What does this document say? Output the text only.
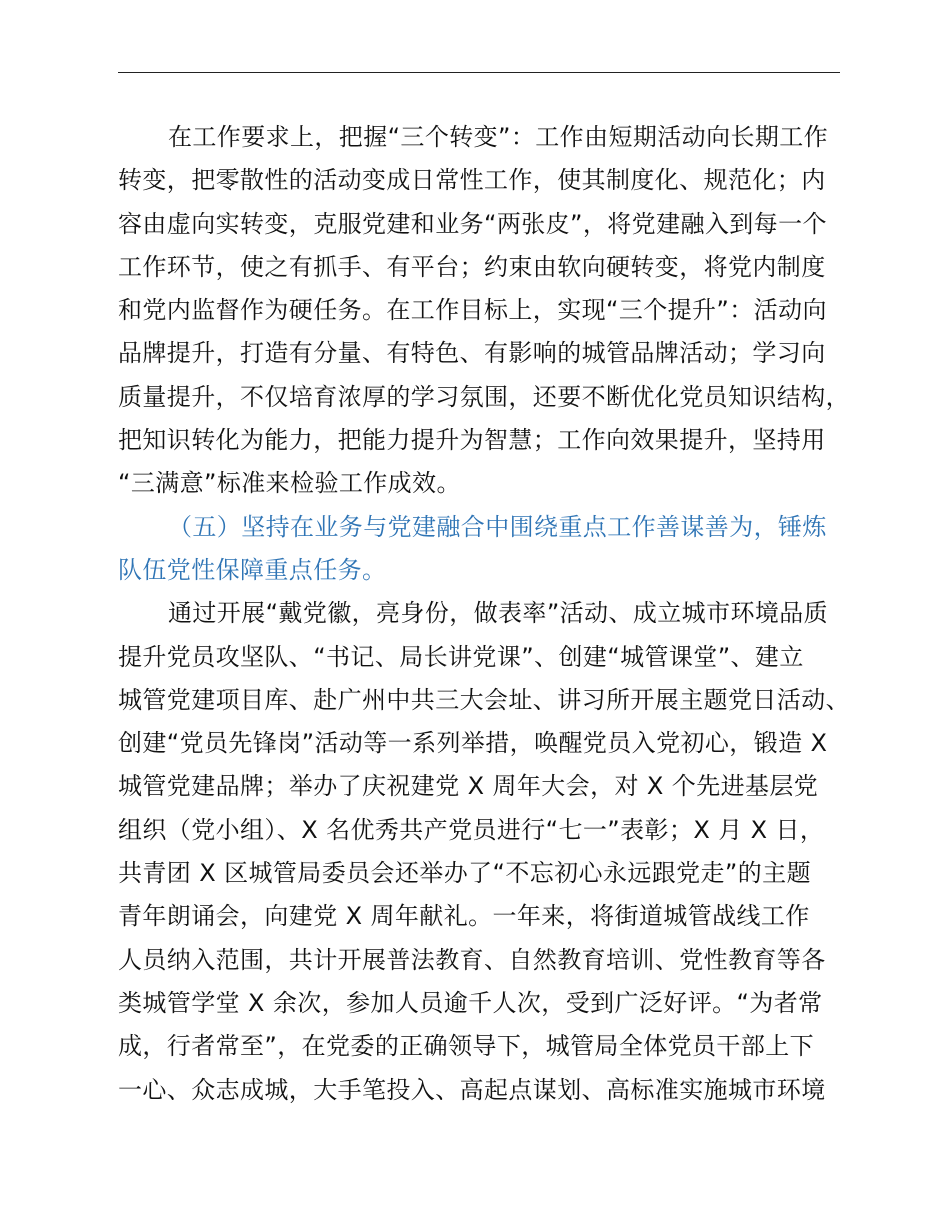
在工作要求上，把握“三个转变”：工作由短期活动向长期工作
转变，把零散性的活动变成日常性工作，使其制度化、规范化；内
容由虚向实转变，克服党建和业务“两张皮”，将党建融入到每一个
工作环节，使之有抓手、有平台；约束由软向硬转变，将党内制度
和党内监督作为硬任务。在工作目标上，实现“三个提升”：活动向
品牌提升，打造有分量、有特色、有影响的城管品牌活动；学习向
质量提升，不仅培育浓厚的学习氛围，还要不断优化党员知识结构，
把知识转化为能力，把能力提升为智慧；工作向效果提升，坚持用
“三满意”标准来检验工作成效。

（五）坚持在业务与党建融合中围绕重点工作善谋善为，锤炼
队伍党性保障重点任务。

通过开展“戴党徽，亮身份，做表率”活动、成立城市环境品质
提升党员攻坚队、“书记、局长讲党课”、创建“城管课堂”、建立
城管党建项目库、赴广州中共三大会址、讲习所开展主题党日活动、
创建“党员先锋岗”活动等一系列举措，唤醒党员入党初心，锻造 X
城管党建品牌；举办了庆祝建党 X 周年大会，对 X 个先进基层党
组织（党小组）、X 名优秀共产党员进行“七一”表彰；X 月 X 日，
共青团 X 区城管局委员会还举办了“不忘初心永远跟党走”的主题
青年朗诵会，向建党 X 周年献礼。一年来，将街道城管战线工作
人员纳入范围，共计开展普法教育、自然教育培训、党性教育等各
类城管学堂 X 余次，参加人员逾千人次，受到广泛好评。“为者常
成，行者常至”，在党委的正确领导下，城管局全体党员干部上下
一心、众志成城，大手笔投入、高起点谋划、高标准实施城市环境
